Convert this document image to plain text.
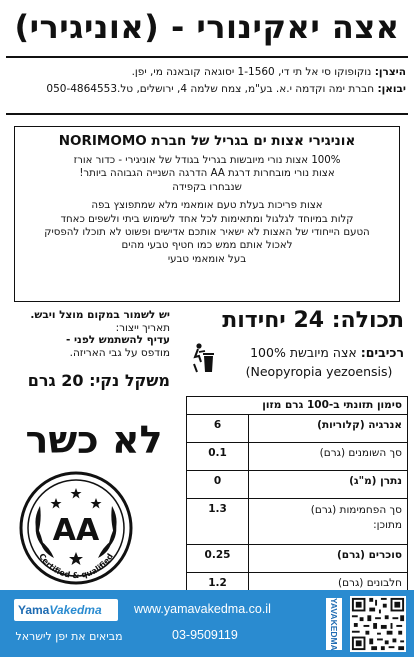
אצה יאקינורי - (אוניגירי)
היצרן: נוקופוקו סי אל תי די, 1-1560 יסוגאה קובאנה מי, יפן.
יבואן: חברת ימה וקדמה י.א. בע"מ, צמח שלמה 4, ירושלים, טל.050-4864553
אוניגירי אצות ים בגריל של חברת NORIMOMO
100% אצות נורי מיובשות בגריל בגודל של אוניגירי - כדור אורז
אצות נורי מובחרות דרגת AA הדרגה השנייה הגבוהה ביותר!
שנבחרו בקפידה
אצות פריכות בעלת טעם אומאמי מלא שמתפוצץ בפה
קלות במיוחד לגלגול ומתאימות לכל אחד לשימוש ביתי ולשפים כאחד
הטעם הייחודי של האצות לא ישאיר אותכם אדישים ופשוט לא תוכלו להפסיק
לאכול אותם ממש כמו חטיף טבעי מהים
בעל אומאמי טבעי
יש לשמור במקום מוצל ויבש.
תאריך ייצור:
עדיף להשתמש לפני -
מודפס על גבי האריזה.
משקל נקי: 20 גרם
תכולה: 24 יחידות
רכיבים: אצה מיובשת 100%
(Neopyropia yezoensis)
לא כשר
AA
Certified & qualified
סימון תזונתי ב-100 גרם מזון
אנרגיה (קלוריות)
6
סך השומנים (גרם)
0.1
נתרן (מ"ג)
0
סך הפחמימות (גרם)
מתוכן:
1.3
סוכרים (גרם)
0.25
חלבונים (גרם)
1.2
YamaVakedma
מביאים את יפן לישראל
www.yamavakedma.co.il
03-9509119	YAVAKEDMA
